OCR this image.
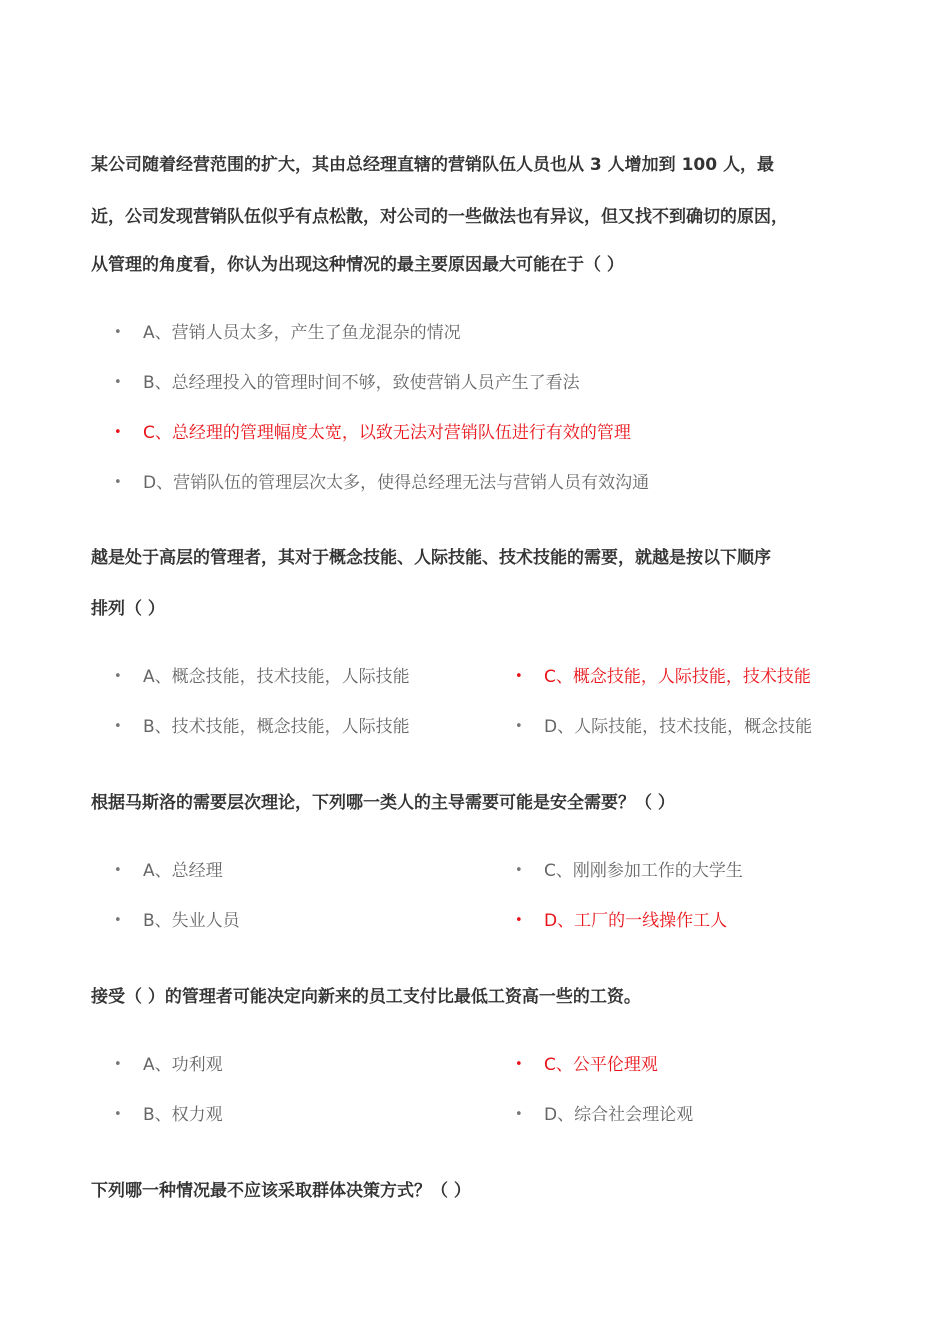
某公司随着经营范围的扩大，其由总经理直辖的营销队伍人员也从 3 人增加到 100 人，最
近，公司发现营销队伍似乎有点松散，对公司的一些做法也有异议，但又找不到确切的原因，
从管理的角度看，你认为出现这种情况的最主要原因最大可能在于（ ）
• A、营销人员太多，产生了鱼龙混杂的情况
• B、总经理投入的管理时间不够，致使营销人员产生了看法
• C、总经理的管理幅度太宽，以致无法对营销队伍进行有效的管理
• D、营销队伍的管理层次太多，使得总经理无法与营销人员有效沟通
越是处于高层的管理者，其对于概念技能、人际技能、技术技能的需要，就越是按以下顺序
排列（ ）
• A、概念技能，技术技能，人际技能
• B、技术技能，概念技能，人际技能
• C、概念技能，人际技能，技术技能
• D、人际技能，技术技能，概念技能
根据马斯洛的需要层次理论，下列哪一类人的主导需要可能是安全需要？（ ）
• A、总经理
• B、失业人员
• C、刚刚参加工作的大学生
• D、工厂的一线操作工人
接受（ ）的管理者可能决定向新来的员工支付比最低工资高一些的工资。
• A、功利观
• B、权力观
• C、公平伦理观
• D、综合社会理论观
下列哪一种情况最不应该采取群体决策方式？（ ）
